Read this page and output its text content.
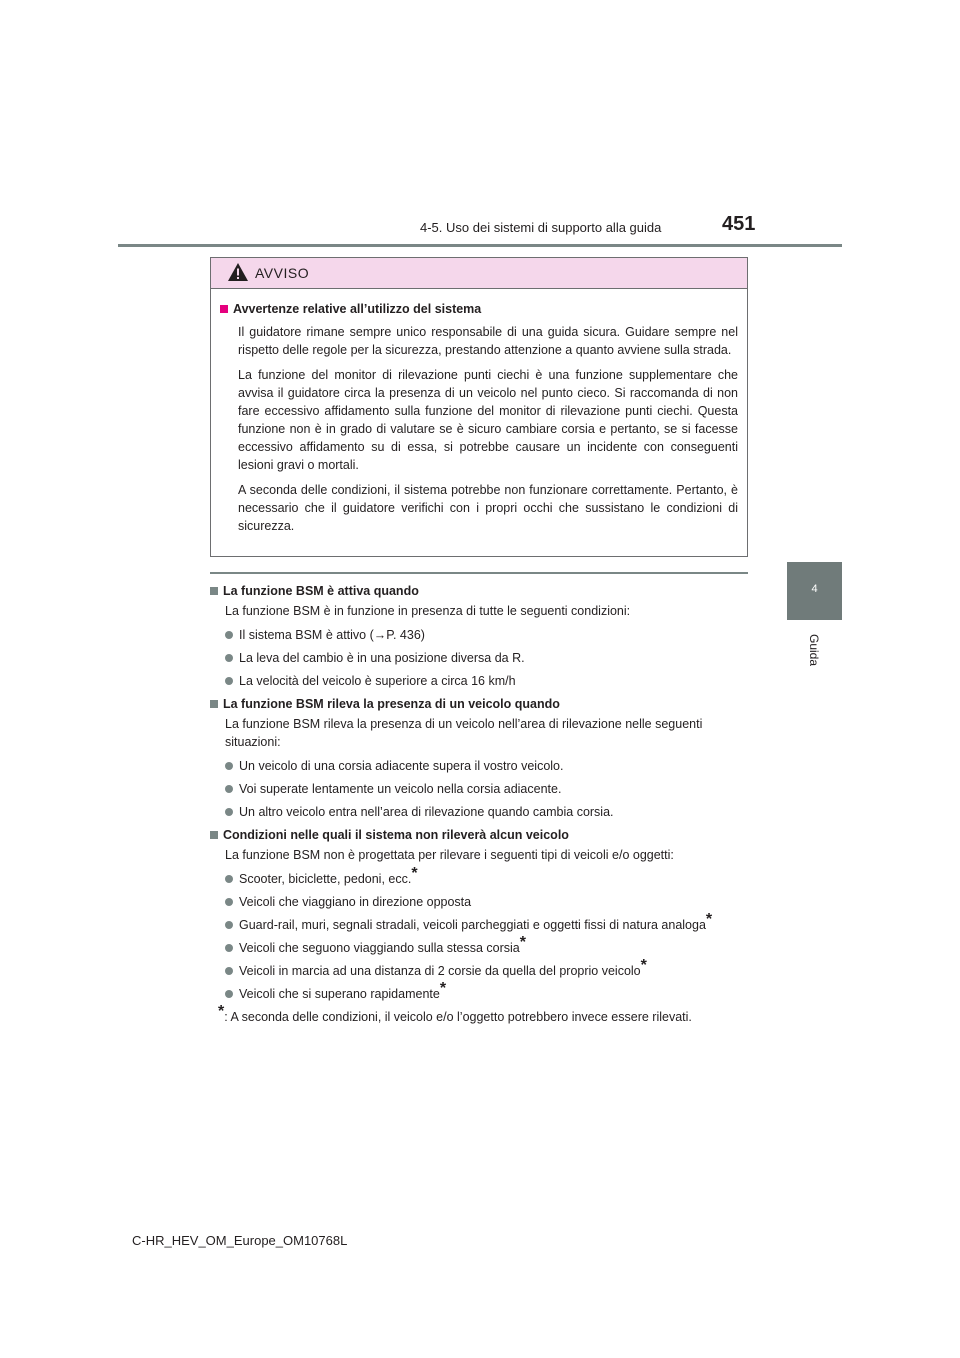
4-5. Uso dei sistemi di supporto alla guida	451
4
Guida
AVVISO
Avvertenze relative all’utilizzo del sistema

Il guidatore rimane sempre unico responsabile di una guida sicura. Guidare sempre nel rispetto delle regole per la sicurezza, prestando attenzione a quanto avviene sulla strada.

La funzione del monitor di rilevazione punti ciechi è una funzione supplementare che avvisa il guidatore circa la presenza di un veicolo nel punto cieco. Si raccomanda di non fare eccessivo affidamento sulla funzione del monitor di rilevazione punti ciechi. Questa funzione non è in grado di valutare se è sicuro cambiare corsia e pertanto, se si facesse eccessivo affidamento su di essa, si potrebbe causare un incidente con conseguenti lesioni gravi o mortali.

A seconda delle condizioni, il sistema potrebbe non funzionare correttamente. Pertanto, è necessario che il guidatore verifichi con i propri occhi che sussistano le condizioni di sicurezza.

La funzione BSM è attiva quando
La funzione BSM è in funzione in presenza di tutte le seguenti condizioni:
Il sistema BSM è attivo (→P. 436)
La leva del cambio è in una posizione diversa da R.
La velocità del veicolo è superiore a circa 16 km/h
La funzione BSM rileva la presenza di un veicolo quando
La funzione BSM rileva la presenza di un veicolo nell’area di rilevazione nelle seguenti situazioni:
Un veicolo di una corsia adiacente supera il vostro veicolo.
Voi superate lentamente un veicolo nella corsia adiacente.
Un altro veicolo entra nell’area di rilevazione quando cambia corsia.
Condizioni nelle quali il sistema non rileverà alcun veicolo
La funzione BSM non è progettata per rilevare i seguenti tipi di veicoli e/o oggetti:
Scooter, biciclette, pedoni, ecc.*
Veicoli che viaggiano in direzione opposta
Guard-rail, muri, segnali stradali, veicoli parcheggiati e oggetti fissi di natura analoga*
Veicoli che seguono viaggiando sulla stessa corsia*
Veicoli in marcia ad una distanza di 2 corsie da quella del proprio veicolo*
Veicoli che si superano rapidamente*
*: A seconda delle condizioni, il veicolo e/o l’oggetto potrebbero invece essere rilevati.
C-HR_HEV_OM_Europe_OM10768L
